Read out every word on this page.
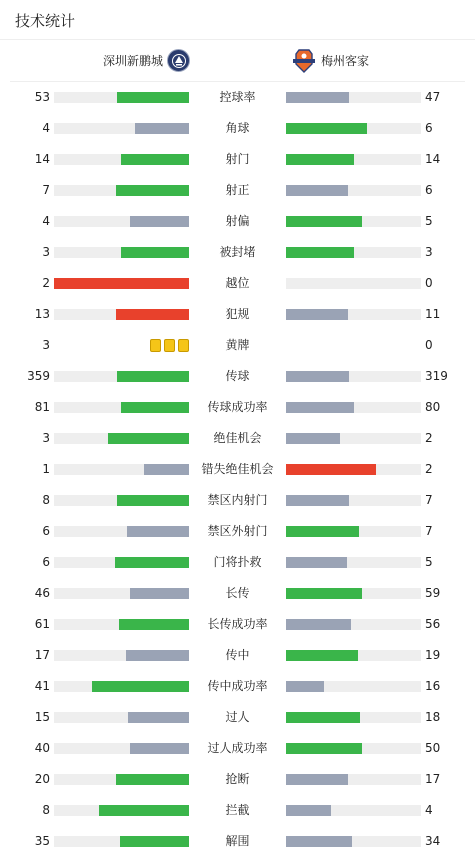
技术统计
深圳新鹏城	梅州客家
53	控球率	47
4	角球	6
14	射门	14
7	射正	6
4	射偏	5
3	被封堵	3
2	越位	0
13	犯规	11
3	黄牌	0
359	传球	319
81	传球成功率	80
3	绝佳机会	2
1	错失绝佳机会	2
8	禁区内射门	7
6	禁区外射门	7
6	门将扑救	5
46	长传	59
61	长传成功率	56
17	传中	19
41	传中成功率	16
15	过人	18
40	过人成功率	50
20	抢断	17
8	拦截	4
35	解围	34
